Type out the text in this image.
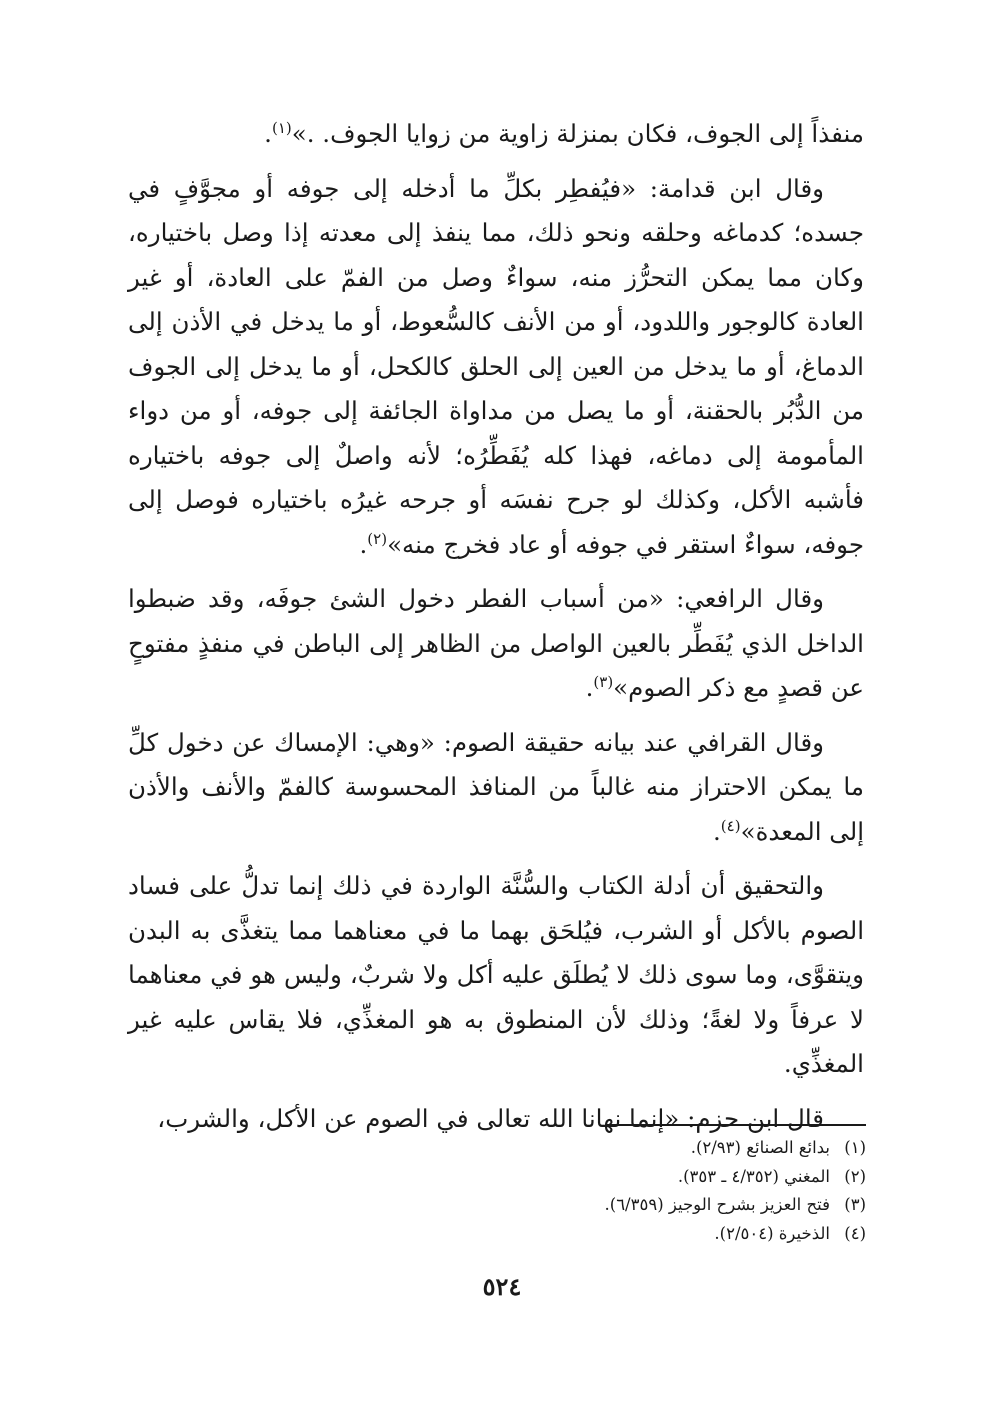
منفذاً إلى الجوف، فكان بمنزلة زاوية من زوايا الجوف. .»$^{(١)}$.

وقال ابن قدامة: «فيُفطِر بكلِّ ما أدخله إلى جوفه أو مجوَّفٍ في جسده؛ كدماغه وحلقه ونحو ذلك، مما ينفذ إلى معدته إذا وصل باختياره، وكان مما يمكن التحرُّز منه، سواءٌ وصل من الفمّ على العادة، أو غير العادة كالوجور واللدود، أو من الأنف كالسُّعوط، أو ما يدخل في الأذن إلى الدماغ، أو ما يدخل من العين إلى الحلق كالكحل، أو ما يدخل إلى الجوف من الدُّبُر بالحقنة، أو ما يصل من مداواة الجائفة إلى جوفه، أو من دواء المأمومة إلى دماغه، فهذا كله يُفَطِّرُه؛ لأنه واصلٌ إلى جوفه باختياره فأشبه الأكل، وكذلك لو جرح نفسَه أو جرحه غيرُه باختياره فوصل إلى جوفه، سواءٌ استقر في جوفه أو عاد فخرج منه»$^{(٢)}$.

وقال الرافعي: «من أسباب الفطر دخول الشئ جوفَه، وقد ضبطوا الداخل الذي يُفَطِّر بالعين الواصل من الظاهر إلى الباطن في منفذٍ مفتوحٍ عن قصدٍ مع ذكر الصوم»$^{(٣)}$.

وقال القرافي عند بيانه حقيقة الصوم: «وهي: الإمساك عن دخول كلِّ ما يمكن الاحتراز منه غالباً من المنافذ المحسوسة كالفمّ والأنف والأذن إلى المعدة»$^{(٤)}$.

والتحقيق أن أدلة الكتاب والسُّنَّة الواردة في ذلك إنما تدلُّ على فساد الصوم بالأكل أو الشرب، فيُلحَق بهما ما في معناهما مما يتغذَّى به البدن ويتقوَّى، وما سوى ذلك لا يُطلَق عليه أكل ولا شربٌ، وليس هو في معناهما لا عرفاً ولا لغةً؛ وذلك لأن المنطوق به هو المغذِّي، فلا يقاس عليه غير المغذِّي.

قال ابن حزم: «إنما نهانا الله تعالى في الصوم عن الأكل، والشرب،

(١)
بدائع الصنائع (٢/٩٣).
(٢)
المغني (٤/٣٥٢ ـ ٣٥٣).
(٣)
فتح العزيز بشرح الوجيز (٦/٣٥٩).
(٤)
الذخيرة (٢/٥٠٤).
٥٢٤
